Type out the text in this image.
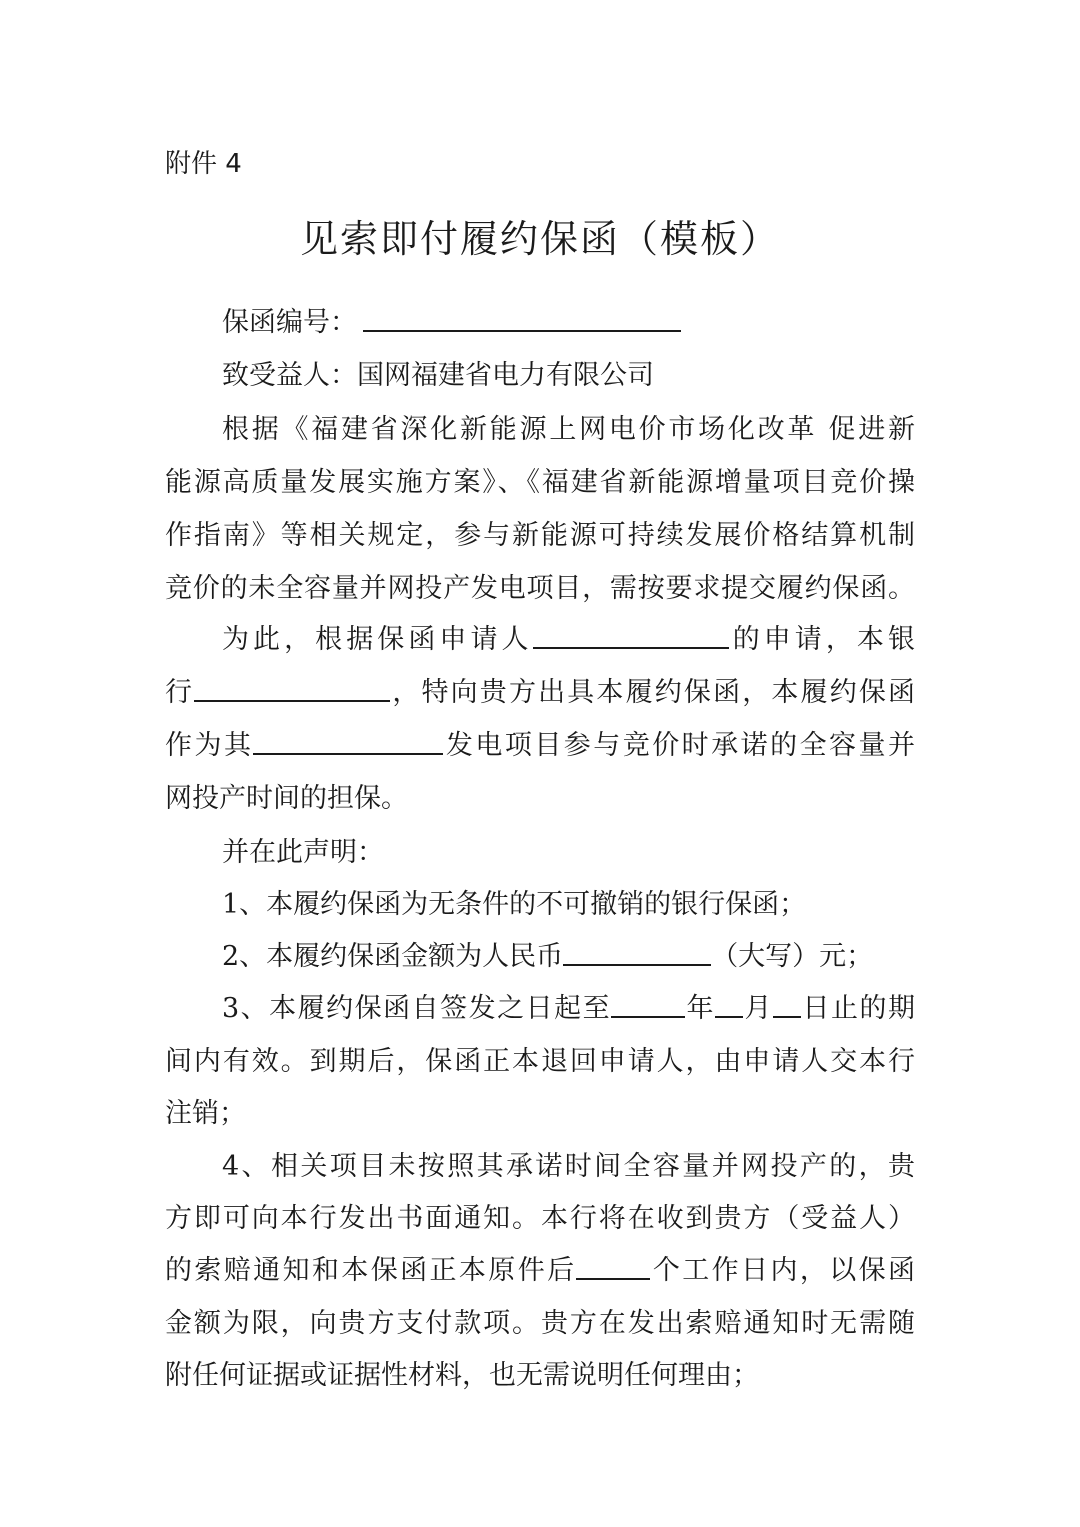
附件 4
见索即付履约保函（模板）
保函编号：
致受益人：国网福建省电力有限公司
根据《福建省深化新能源上网电价市场化改革 促进新
能源高质量发展实施方案》、《福建省新能源增量项目竞价操
作指南》等相关规定，参与新能源可持续发展价格结算机制
竞价的未全容量并网投产发电项目，需按要求提交履约保函。
为此，根据保函申请人	的申请，本银
行	，特向贵方出具本履约保函，本履约保函
作为其	发电项目参与竞价时承诺的全容量并
网投产时间的担保。
并在此声明：
1、本履约保函为无条件的不可撤销的银行保函；
2、本履约保函金额为人民币	（大写）元；
3、本履约保函自签发之日起至	年 月 日止的期
间内有效。到期后，保函正本退回申请人，由申请人交本行
注销；
4、相关项目未按照其承诺时间全容量并网投产的，贵
方即可向本行发出书面通知。本行将在收到贵方（受益人）
的索赔通知和本保函正本原件后	个工作日内，以保函
金额为限，向贵方支付款项。贵方在发出索赔通知时无需随
附任何证据或证据性材料，也无需说明任何理由；
